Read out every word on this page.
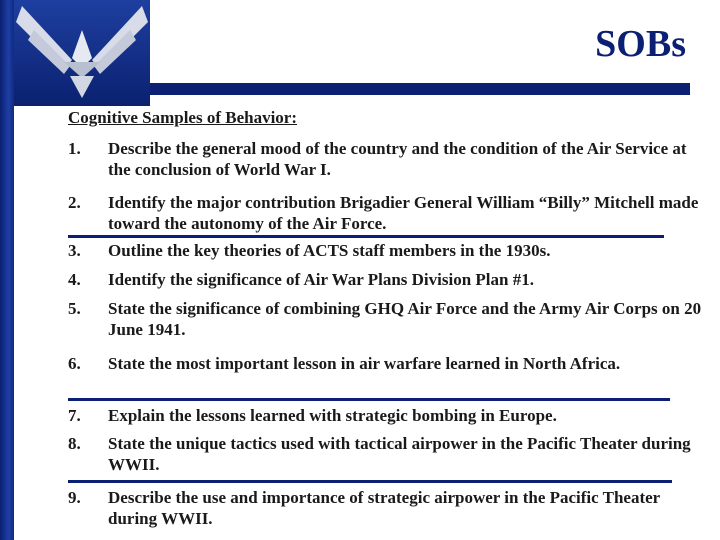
SOBs
Cognitive Samples of Behavior:
1.	Describe the general mood of the country and the condition of the Air Service at the conclusion of World War I.
2.	Identify the major contribution Brigadier General William “Billy” Mitchell made toward the autonomy of the Air Force.
3.	Outline the key theories of ACTS staff members in the 1930s.
4.	Identify the significance of Air War Plans Division Plan #1.
5.	State the significance of combining GHQ Air Force and the Army Air Corps on 20 June 1941.
6.	State the most important lesson in air warfare learned in North Africa.
7.	Explain the lessons learned with strategic bombing in Europe.
8.	State the unique tactics used with tactical airpower in the Pacific Theater during WWII.
9.	Describe the use and importance of strategic airpower in the Pacific Theater during WWII.
